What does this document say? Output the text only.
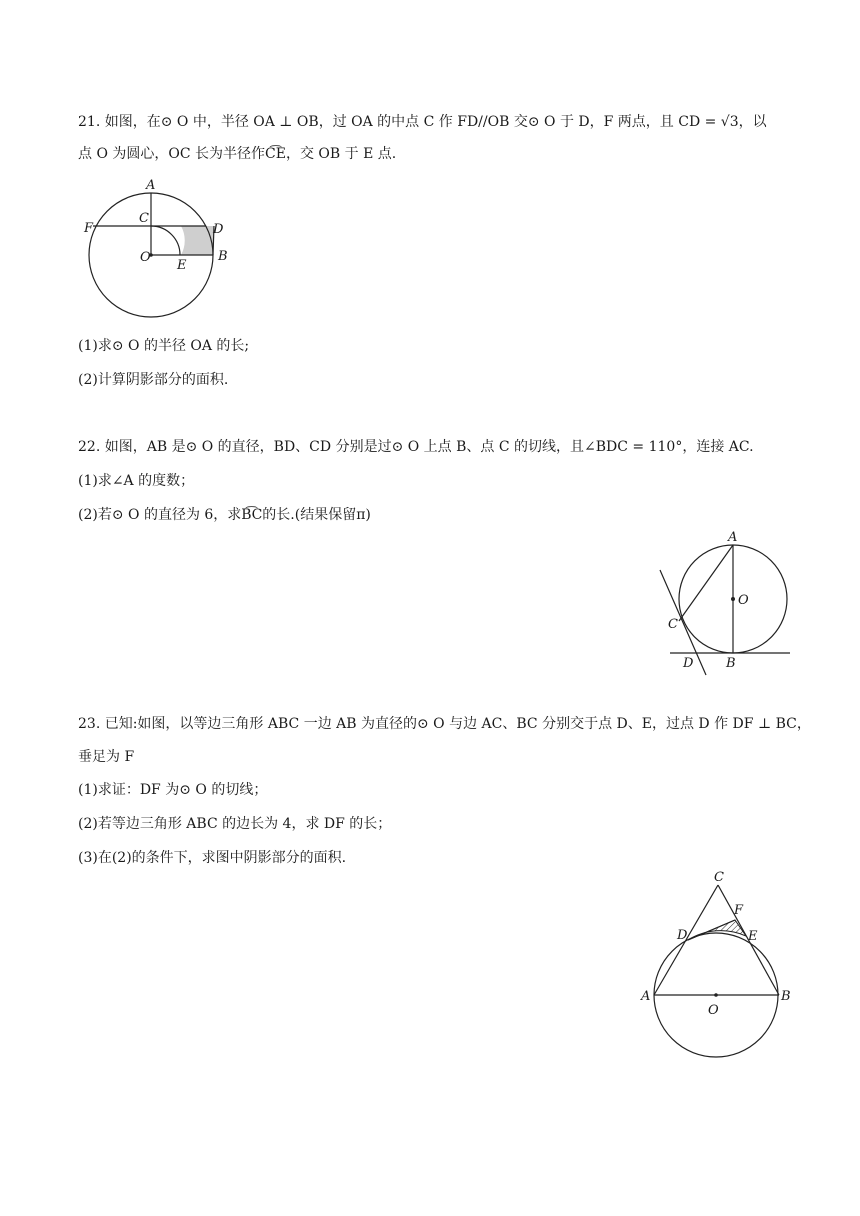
21. 如图，在⊙ O 中，半径 OA ⊥ OB，过 OA 的中点 C 作 FD//OB 交⊙ O 于 D，F 两点，且 CD = √3，以
点 O 为圆心，OC 长为半径作C͡E，交 OB 于 E 点.
A
C
F	D
O
E
B
(1)求⊙ O 的半径 OA 的长;
(2)计算阴影部分的面积.
22. 如图，AB 是⊙ O 的直径，BD、CD 分别是过⊙ O 上点 B、点 C 的切线，且∠BDC = 110°，连接 AC.
(1)求∠A 的度数；
(2)若⊙ O 的直径为 6，求B͡C的长.(结果保留π)
A
O
C
D	B
23. 已知:如图，以等边三角形 ABC 一边 AB 为直径的⊙ O 与边 AC、BC 分别交于点 D、E，过点 D 作 DF ⊥ BC，
垂足为 F
(1)求证：DF 为⊙ O 的切线；
(2)若等边三角形 ABC 的边长为 4，求 DF 的长；
(3)在(2)的条件下，求图中阴影部分的面积.
C
F
D	E
A
O
B
